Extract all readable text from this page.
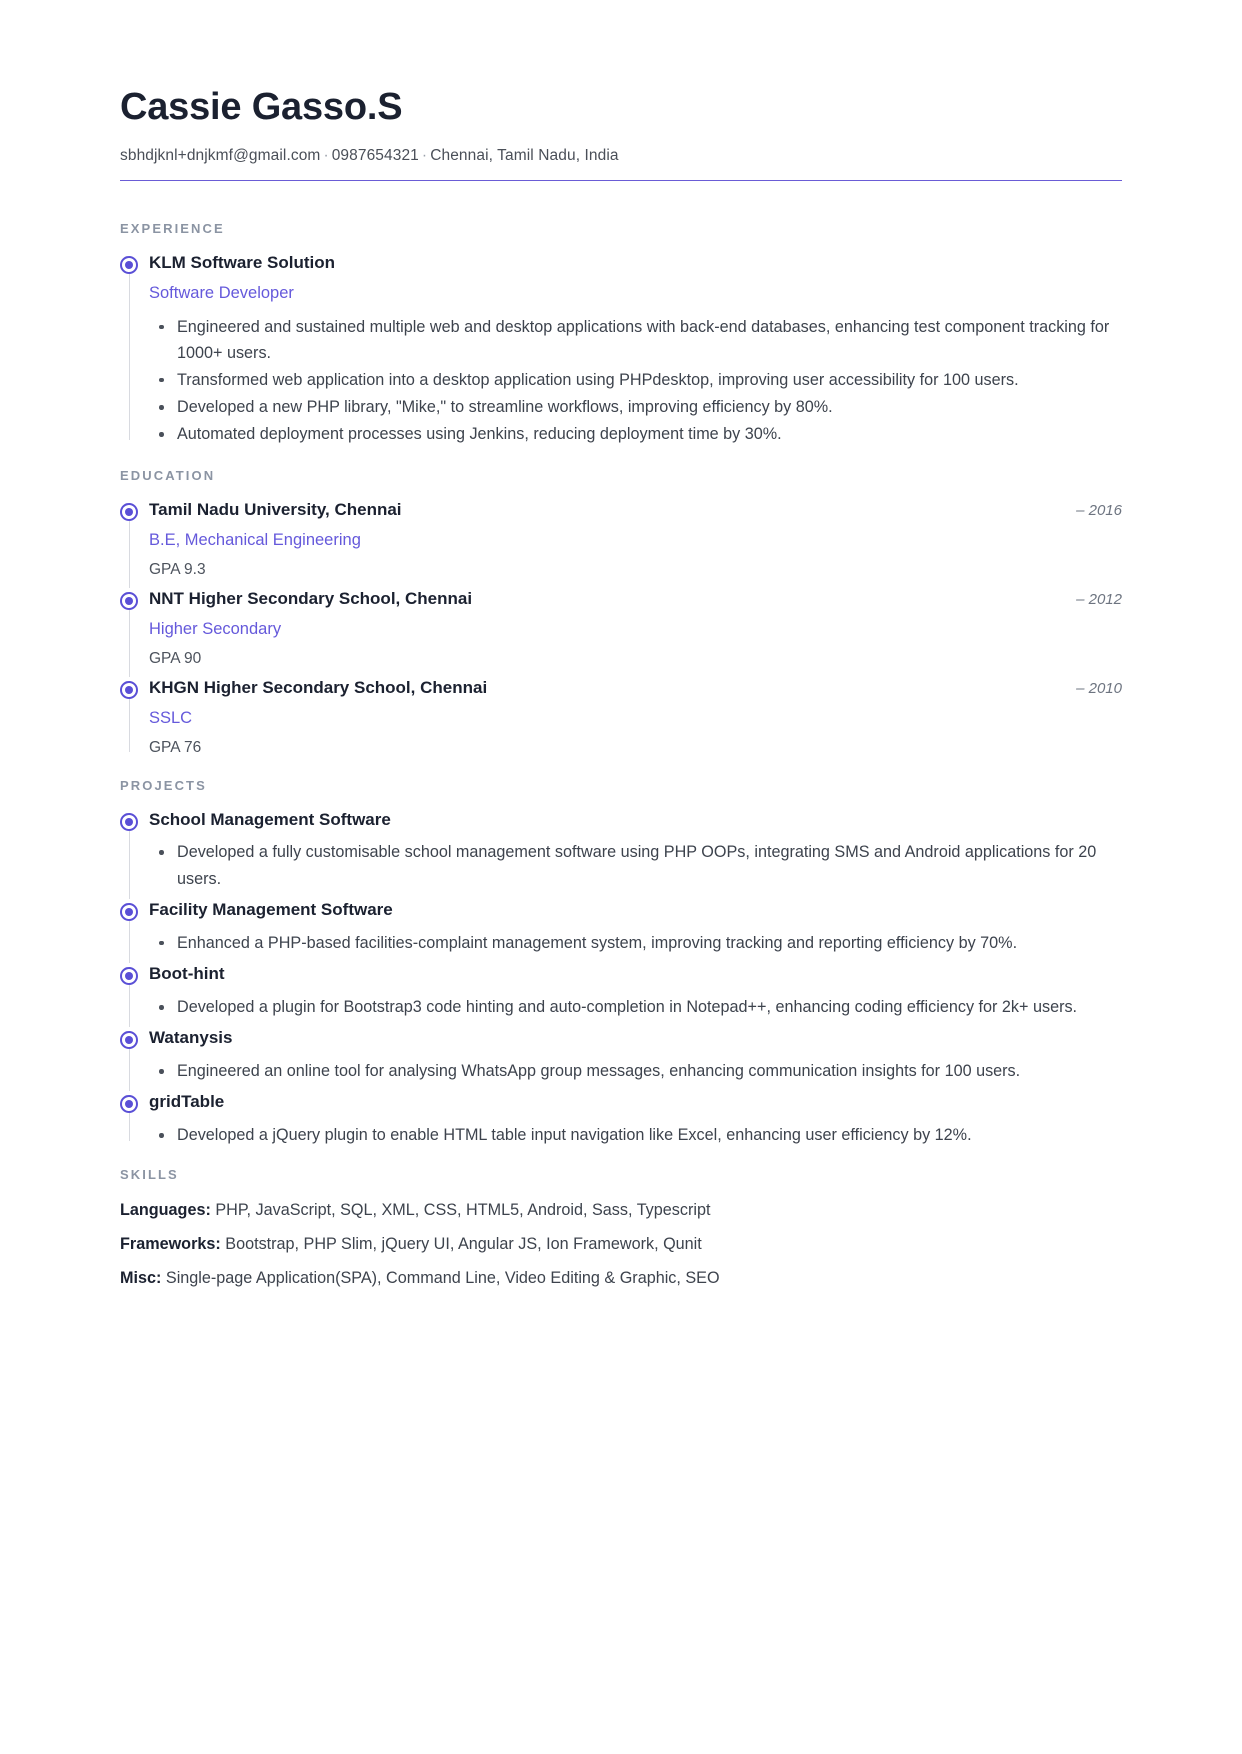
Cassie Gasso.S
sbhdjknl+dnjkmf@gmail.com · 0987654321 · Chennai, Tamil Nadu, India
EXPERIENCE
KLM Software Solution
Software Developer
Engineered and sustained multiple web and desktop applications with back-end databases, enhancing test component tracking for 1000+ users.
Transformed web application into a desktop application using PHPdesktop, improving user accessibility for 100 users.
Developed a new PHP library, "Mike," to streamline workflows, improving efficiency by 80%.
Automated deployment processes using Jenkins, reducing deployment time by 30%.
EDUCATION
Tamil Nadu University, Chennai	– 2016
B.E, Mechanical Engineering
GPA 9.3
NNT Higher Secondary School, Chennai	– 2012
Higher Secondary
GPA 90
KHGN Higher Secondary School, Chennai	– 2010
SSLC
GPA 76
PROJECTS
School Management Software
Developed a fully customisable school management software using PHP OOPs, integrating SMS and Android applications for 20 users.
Facility Management Software
Enhanced a PHP-based facilities-complaint management system, improving tracking and reporting efficiency by 70%.
Boot-hint
Developed a plugin for Bootstrap3 code hinting and auto-completion in Notepad++, enhancing coding efficiency for 2k+ users.
Watanysis
Engineered an online tool for analysing WhatsApp group messages, enhancing communication insights for 100 users.
gridTable
Developed a jQuery plugin to enable HTML table input navigation like Excel, enhancing user efficiency by 12%.
SKILLS
Languages: PHP, JavaScript, SQL, XML, CSS, HTML5, Android, Sass, Typescript
Frameworks: Bootstrap, PHP Slim, jQuery UI, Angular JS, Ion Framework, Qunit
Misc: Single-page Application(SPA), Command Line, Video Editing & Graphic, SEO
